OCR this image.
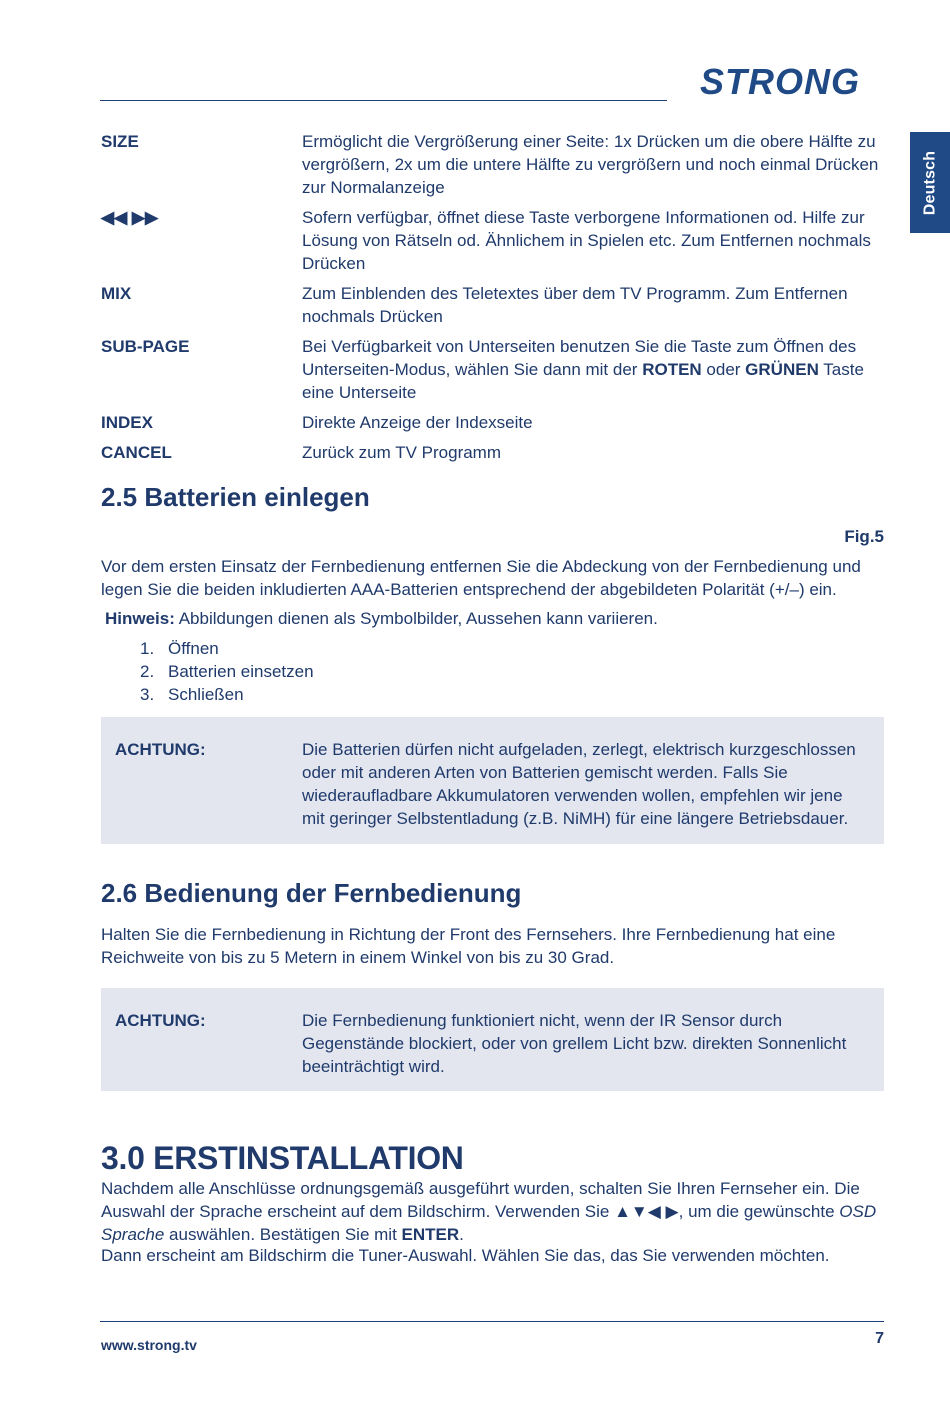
STRONG
Deutsch
SIZE	Ermöglicht die Vergrößerung einer Seite: 1x Drücken um die obere Hälfte zu vergrößern, 2x um die untere Hälfte zu vergrößern und noch einmal Drücken zur Normalanzeige
◀◀ ▶▶	Sofern verfügbar, öffnet diese Taste verborgene Informationen od. Hilfe zur Lösung von Rätseln od. Ähnlichem in Spielen etc. Zum Entfernen nochmals Drücken
MIX	Zum Einblenden des Teletextes über dem TV Programm. Zum Entfernen nochmals Drücken
SUB-PAGE	Bei Verfügbarkeit von Unterseiten benutzen Sie die Taste zum Öffnen des Unterseiten-Modus, wählen Sie dann mit der ROTEN oder GRÜNEN Taste eine Unterseite
INDEX	Direkte Anzeige der Indexseite
CANCEL	Zurück zum TV Programm
2.5 Batterien einlegen
Fig.5

Vor dem ersten Einsatz der Fernbedienung entfernen Sie die Abdeckung von der Fernbedienung und legen Sie die beiden inkludierten AAA-Batterien entsprechend der abgebildeten Polarität (+/–) ein.

Hinweis: Abbildungen dienen als Symbolbilder, Aussehen kann variieren.

1. Öffnen
2. Batterien einsetzen
3. Schließen
ACHTUNG:	Die Batterien dürfen nicht aufgeladen, zerlegt, elektrisch kurzgeschlossen oder mit anderen Arten von Batterien gemischt werden. Falls Sie wiederaufladbare Akkumulatoren verwenden wollen, empfehlen wir jene mit geringer Selbstentladung (z.B. NiMH) für eine längere Betriebsdauer.
2.6 Bedienung der Fernbedienung

Halten Sie die Fernbedienung in Richtung der Front des Fernsehers. Ihre Fernbedienung hat eine Reichweite von bis zu 5 Metern in einem Winkel von bis zu 30 Grad.

ACHTUNG:	Die Fernbedienung funktioniert nicht, wenn der IR Sensor durch Gegenstände blockiert, oder von grellem Licht bzw. direkten Sonnenlicht beeinträchtigt wird.
3.0 ERSTINSTALLATION

Nachdem alle Anschlüsse ordnungsgemäß ausgeführt wurden, schalten Sie Ihren Fernseher ein. Die Auswahl der Sprache erscheint auf dem Bildschirm. Verwenden Sie ▲▼◀ ▶, um die gewünschte OSD Sprache auswählen. Bestätigen Sie mit ENTER.

Dann erscheint am Bildschirm die Tuner-Auswahl. Wählen Sie das, das Sie verwenden möchten.

www.strong.tv	7
